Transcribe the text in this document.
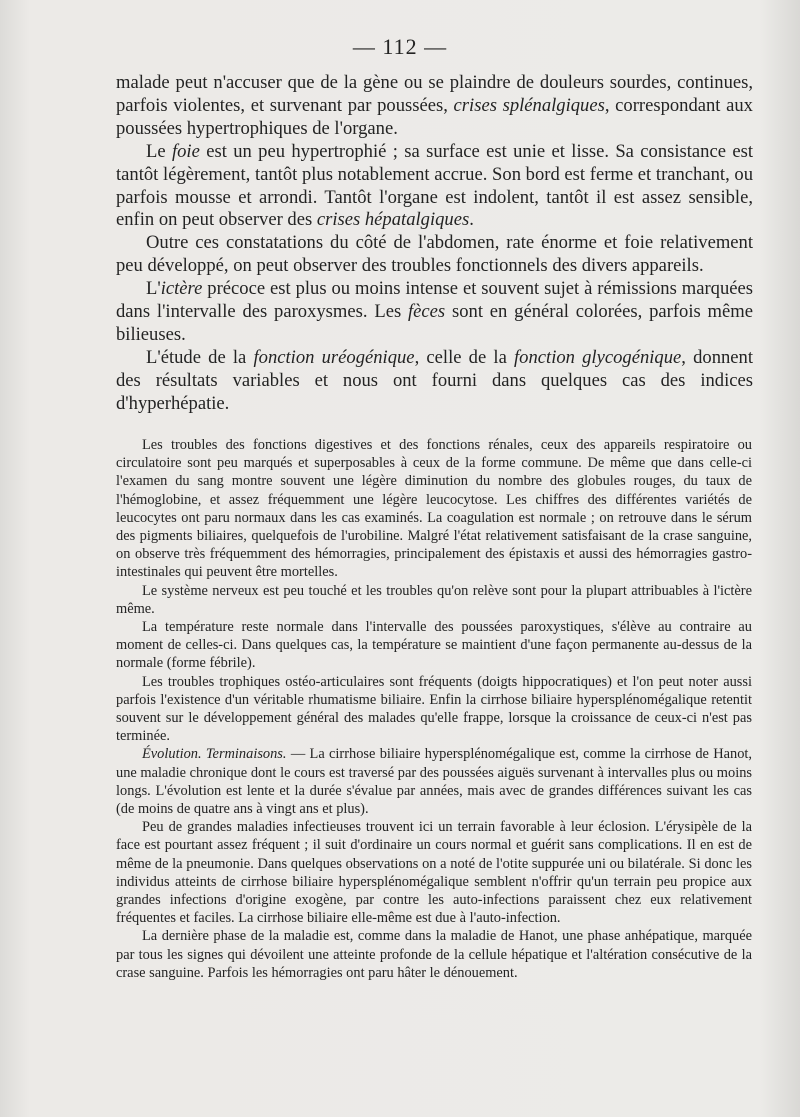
— 112 —

malade peut n'accuser que de la gène ou se plaindre de douleurs sourdes, continues, parfois violentes, et survenant par poussées, crises splénalgiques, correspondant aux poussées hypertrophiques de l'organe.

Le foie est un peu hypertrophié ; sa surface est unie et lisse. Sa consistance est tantôt légèrement, tantôt plus notablement accrue. Son bord est ferme et tranchant, ou parfois mousse et arrondi. Tantôt l'organe est indolent, tantôt il est assez sensible, enfin on peut observer des crises hépatalgiques.

Outre ces constatations du côté de l'abdomen, rate énorme et foie relativement peu développé, on peut observer des troubles fonctionnels des divers appareils.

L'ictère précoce est plus ou moins intense et souvent sujet à rémissions marquées dans l'intervalle des paroxysmes. Les fèces sont en général colorées, parfois même bilieuses.

L'étude de la fonction uréogénique, celle de la fonction glycogénique, donnent des résultats variables et nous ont fourni dans quelques cas des indices d'hyperhépatie.

Les troubles des fonctions digestives et des fonctions rénales, ceux des appareils respiratoire ou circulatoire sont peu marqués et superposables à ceux de la forme commune. De même que dans celle-ci l'examen du sang montre souvent une légère diminution du nombre des globules rouges, du taux de l'hémoglobine, et assez fréquemment une légère leucocytose. Les chiffres des différentes variétés de leucocytes ont paru normaux dans les cas examinés. La coagulation est normale ; on retrouve dans le sérum des pigments biliaires, quelquefois de l'urobiline. Malgré l'état relativement satisfaisant de la crase sanguine, on observe très fréquemment des hémorragies, principalement des épistaxis et aussi des hémorragies gastro-intestinales qui peuvent être mortelles.

Le système nerveux est peu touché et les troubles qu'on relève sont pour la plupart attribuables à l'ictère même.

La température reste normale dans l'intervalle des poussées paroxystiques, s'élève au contraire au moment de celles-ci. Dans quelques cas, la température se maintient d'une façon permanente au-dessus de la normale (forme fébrile).

Les troubles trophiques ostéo-articulaires sont fréquents (doigts hippocratiques) et l'on peut noter aussi parfois l'existence d'un véritable rhumatisme biliaire. Enfin la cirrhose biliaire hypersplénomégalique retentit souvent sur le développement général des malades qu'elle frappe, lorsque la croissance de ceux-ci n'est pas terminée.

Évolution. Terminaisons. — La cirrhose biliaire hypersplénomégalique est, comme la cirrhose de Hanot, une maladie chronique dont le cours est traversé par des poussées aiguës survenant à intervalles plus ou moins longs. L'évolution est lente et la durée s'évalue par années, mais avec de grandes différences suivant les cas (de moins de quatre ans à vingt ans et plus).

Peu de grandes maladies infectieuses trouvent ici un terrain favorable à leur éclosion. L'érysipèle de la face est pourtant assez fréquent ; il suit d'ordinaire un cours normal et guérit sans complications. Il en est de même de la pneumonie. Dans quelques observations on a noté de l'otite suppurée uni ou bilatérale. Si donc les individus atteints de cirrhose biliaire hypersplénomégalique semblent n'offrir qu'un terrain peu propice aux grandes infections d'origine exogène, par contre les auto-infections paraissent chez eux relativement fréquentes et faciles. La cirrhose biliaire elle-même est due à l'auto-infection.

La dernière phase de la maladie est, comme dans la maladie de Hanot, une phase anhépatique, marquée par tous les signes qui dévoilent une atteinte profonde de la cellule hépatique et l'altération consécutive de la crase sanguine. Parfois les hémorragies ont paru hâter le dénouement.
